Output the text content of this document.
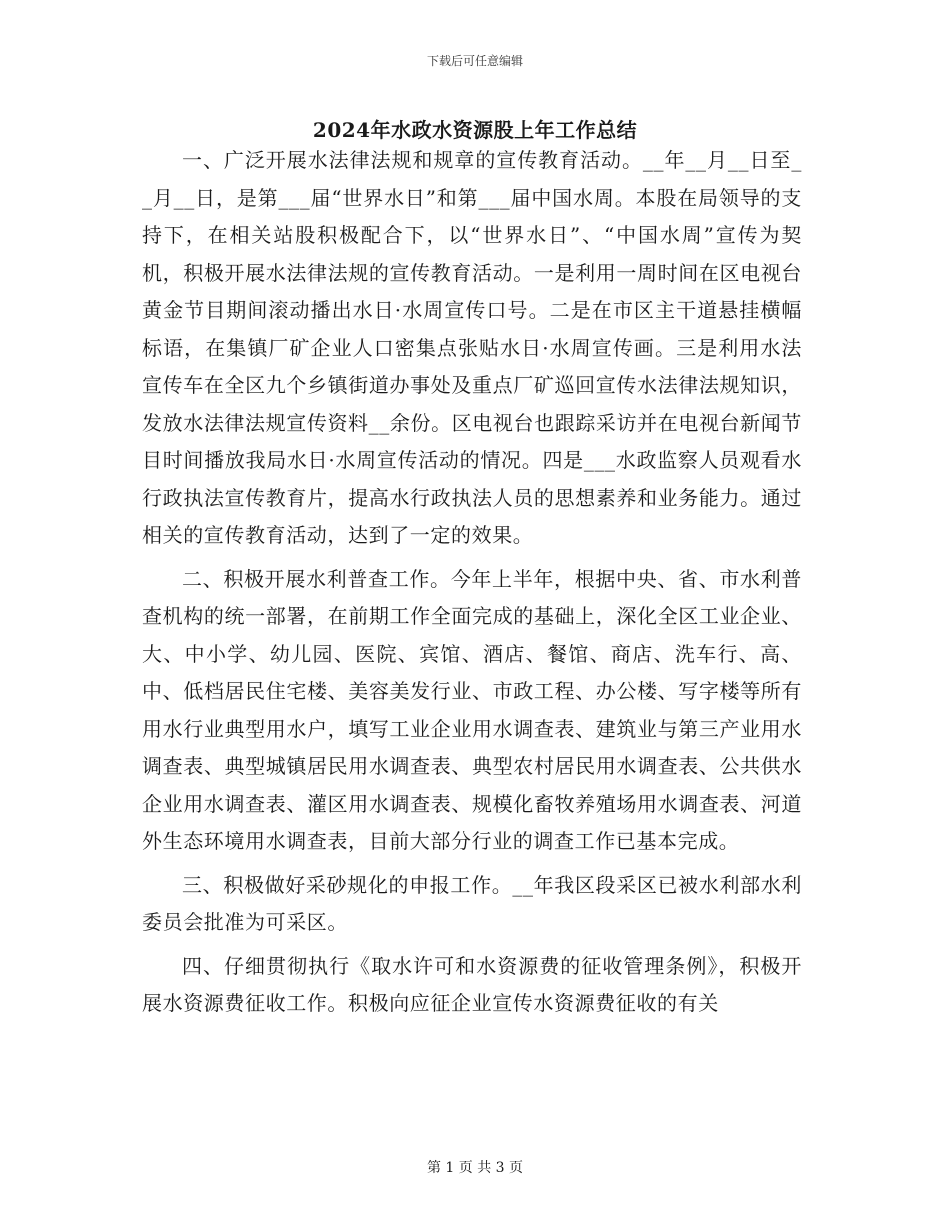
下载后可任意编辑
2024年水政水资源股上年工作总结

一、广泛开展水法律法规和规章的宣传教育活动。__年__月__日至__月__日，是第___届“世界水日”和第___届中国水周。本股在局领导的支持下，在相关站股积极配合下，以“世界水日”、“中国水周”宣传为契机，积极开展水法律法规的宣传教育活动。一是利用一周时间在区电视台黄金节目期间滚动播出水日·水周宣传口号。二是在市区主干道悬挂横幅标语，在集镇厂矿企业人口密集点张贴水日·水周宣传画。三是利用水法宣传车在全区九个乡镇街道办事处及重点厂矿巡回宣传水法律法规知识，发放水法律法规宣传资料__余份。区电视台也跟踪采访并在电视台新闻节目时间播放我局水日·水周宣传活动的情况。四是___水政监察人员观看水行政执法宣传教育片，提高水行政执法人员的思想素养和业务能力。通过相关的宣传教育活动，达到了一定的效果。

二、积极开展水利普查工作。今年上半年，根据中央、省、市水利普查机构的统一部署，在前期工作全面完成的基础上，深化全区工业企业、大、中小学、幼儿园、医院、宾馆、酒店、餐馆、商店、洗车行、高、中、低档居民住宅楼、美容美发行业、市政工程、办公楼、写字楼等所有用水行业典型用水户，填写工业企业用水调查表、建筑业与第三产业用水调查表、典型城镇居民用水调查表、典型农村居民用水调查表、公共供水企业用水调查表、灌区用水调查表、规模化畜牧养殖场用水调查表、河道外生态环境用水调查表，目前大部分行业的调查工作已基本完成。

三、积极做好采砂规化的申报工作。__年我区段采区已被水利部水利委员会批准为可采区。

四、仔细贯彻执行《取水许可和水资源费的征收管理条例》，积极开展水资源费征收工作。积极向应征企业宣传水资源费征收的有关

第 1 页 共 3 页
